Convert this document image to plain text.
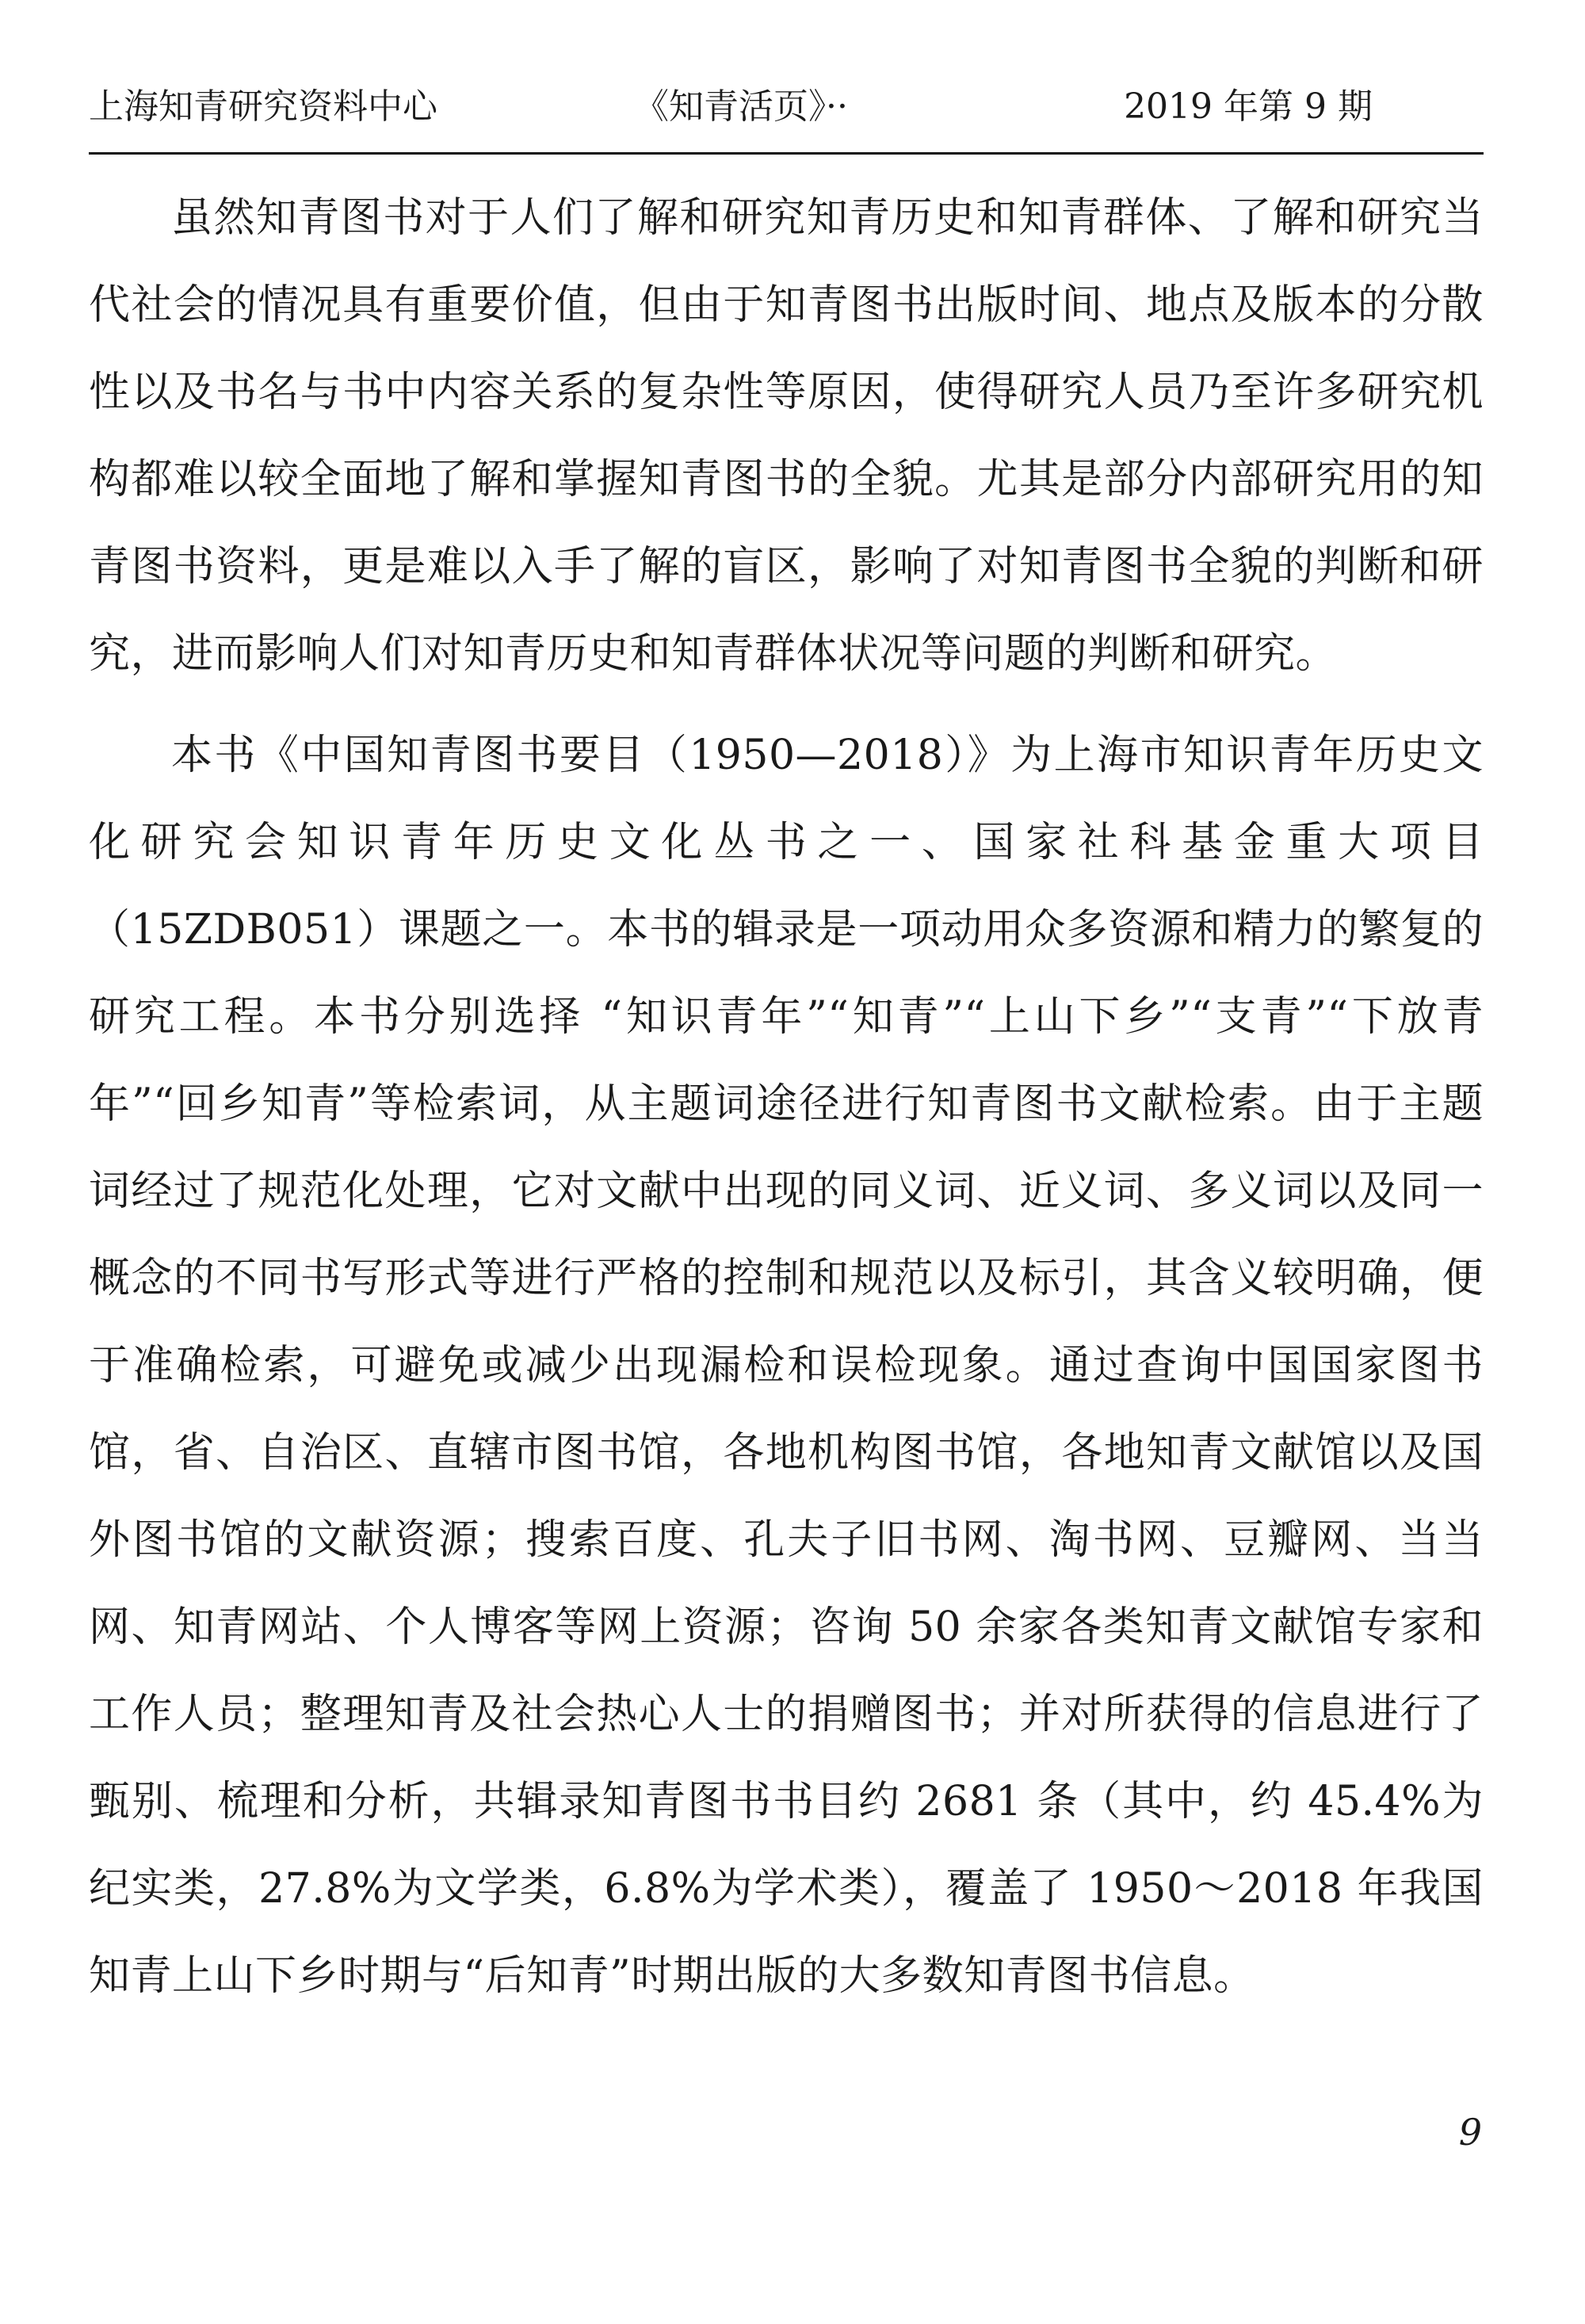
上海知青研究资料中心	《知青活页》··	2019 年第 9 期

虽然知青图书对于人们了解和研究知青历史和知青群体、了解和研究当代社会的情况具有重要价值，但由于知青图书出版时间、地点及版本的分散性以及书名与书中内容关系的复杂性等原因，使得研究人员乃至许多研究机构都难以较全面地了解和掌握知青图书的全貌。尤其是部分内部研究用的知青图书资料，更是难以入手了解的盲区，影响了对知青图书全貌的判断和研究，进而影响人们对知青历史和知青群体状况等问题的判断和研究。

本书《中国知青图书要目（1950—2018）》为上海市知识青年历史文化研究会知识青年历史文化丛书之一、国家社科基金重大项目（15ZDB051）课题之一。本书的辑录是一项动用众多资源和精力的繁复的研究工程。本书分别选择 “知识青年”“知青”“上山下乡”“支青”“下放青年”“回乡知青”等检索词，从主题词途径进行知青图书文献检索。由于主题词经过了规范化处理，它对文献中出现的同义词、近义词、多义词以及同一概念的不同书写形式等进行严格的控制和规范以及标引，其含义较明确，便于准确检索，可避免或减少出现漏检和误检现象。通过查询中国国家图书馆，省、自治区、直辖市图书馆，各地机构图书馆，各地知青文献馆以及国外图书馆的文献资源；搜索百度、孔夫子旧书网、淘书网、豆瓣网、当当网、知青网站、个人博客等网上资源；咨询 50 余家各类知青文献馆专家和工作人员；整理知青及社会热心人士的捐赠图书；并对所获得的信息进行了甄别、梳理和分析，共辑录知青图书书目约 2681 条（其中，约 45.4%为纪实类，27.8%为文学类，6.8%为学术类），覆盖了 1950～2018 年我国知青上山下乡时期与“后知青”时期出版的大多数知青图书信息。

9
